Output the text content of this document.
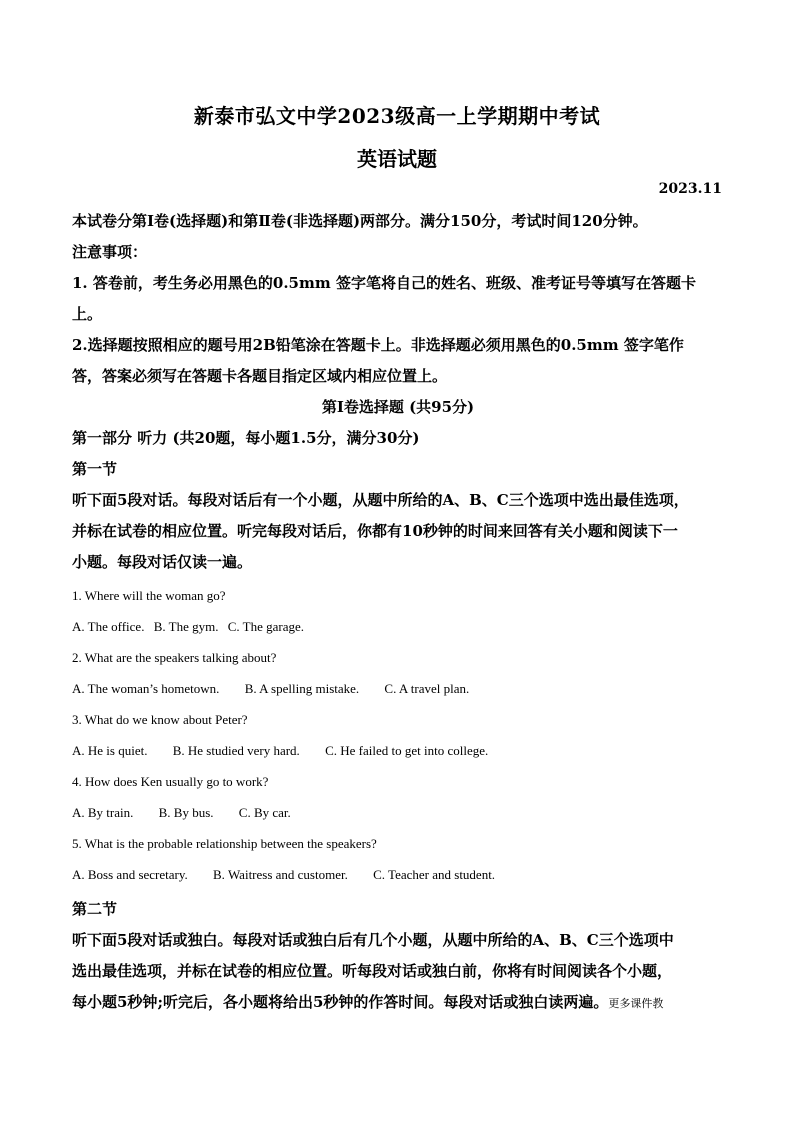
新泰市弘文中学2023级高一上学期期中考试
英语试题
2023.11

本试卷分第Ⅰ卷(选择题)和第Ⅱ卷(非选择题)两部分。满分150分，考试时间120分钟。

注意事项：

1. 答卷前，考生务必用黑色的0.5mm 签字笔将自己的姓名、班级、准考证号等填写在答题卡

上。

2.选择题按照相应的题号用2B铅笔涂在答题卡上。非选择题必须用黑色的0.5mm 签字笔作

答，答案必须写在答题卡各题目指定区域内相应位置上。

第Ⅰ卷选择题 (共95分)

第一部分 听力 (共20题，每小题1.5分，满分30分)

第一节

听下面5段对话。每段对话后有一个小题，从题中所给的A、B、C三个选项中选出最佳选项，

并标在试卷的相应位置。听完每段对话后，你都有10秒钟的时间来回答有关小题和阅读下一

小题。每段对话仅读一遍。

1. Where will the woman go?

A. The office. B. The gym. C. The garage.

2. What are the speakers talking about?

A. The woman’s hometown. B. A spelling mistake. C. A travel plan.

3. What do we know about Peter?

A. He is quiet. B. He studied very hard. C. He failed to get into college.

4. How does Ken usually go to work?

A. By train. B. By bus. C. By car.

5. What is the probable relationship between the speakers?

A. Boss and secretary. B. Waitress and customer. C. Teacher and student.

第二节

听下面5段对话或独白。每段对话或独白后有几个小题，从题中所给的A、B、C三个选项中

选出最佳选项，并标在试卷的相应位置。听每段对话或独白前，你将有时间阅读各个小题，

每小题5秒钟;听完后，各小题将给出5秒钟的作答时间。每段对话或独白读两遍。更多课件教
